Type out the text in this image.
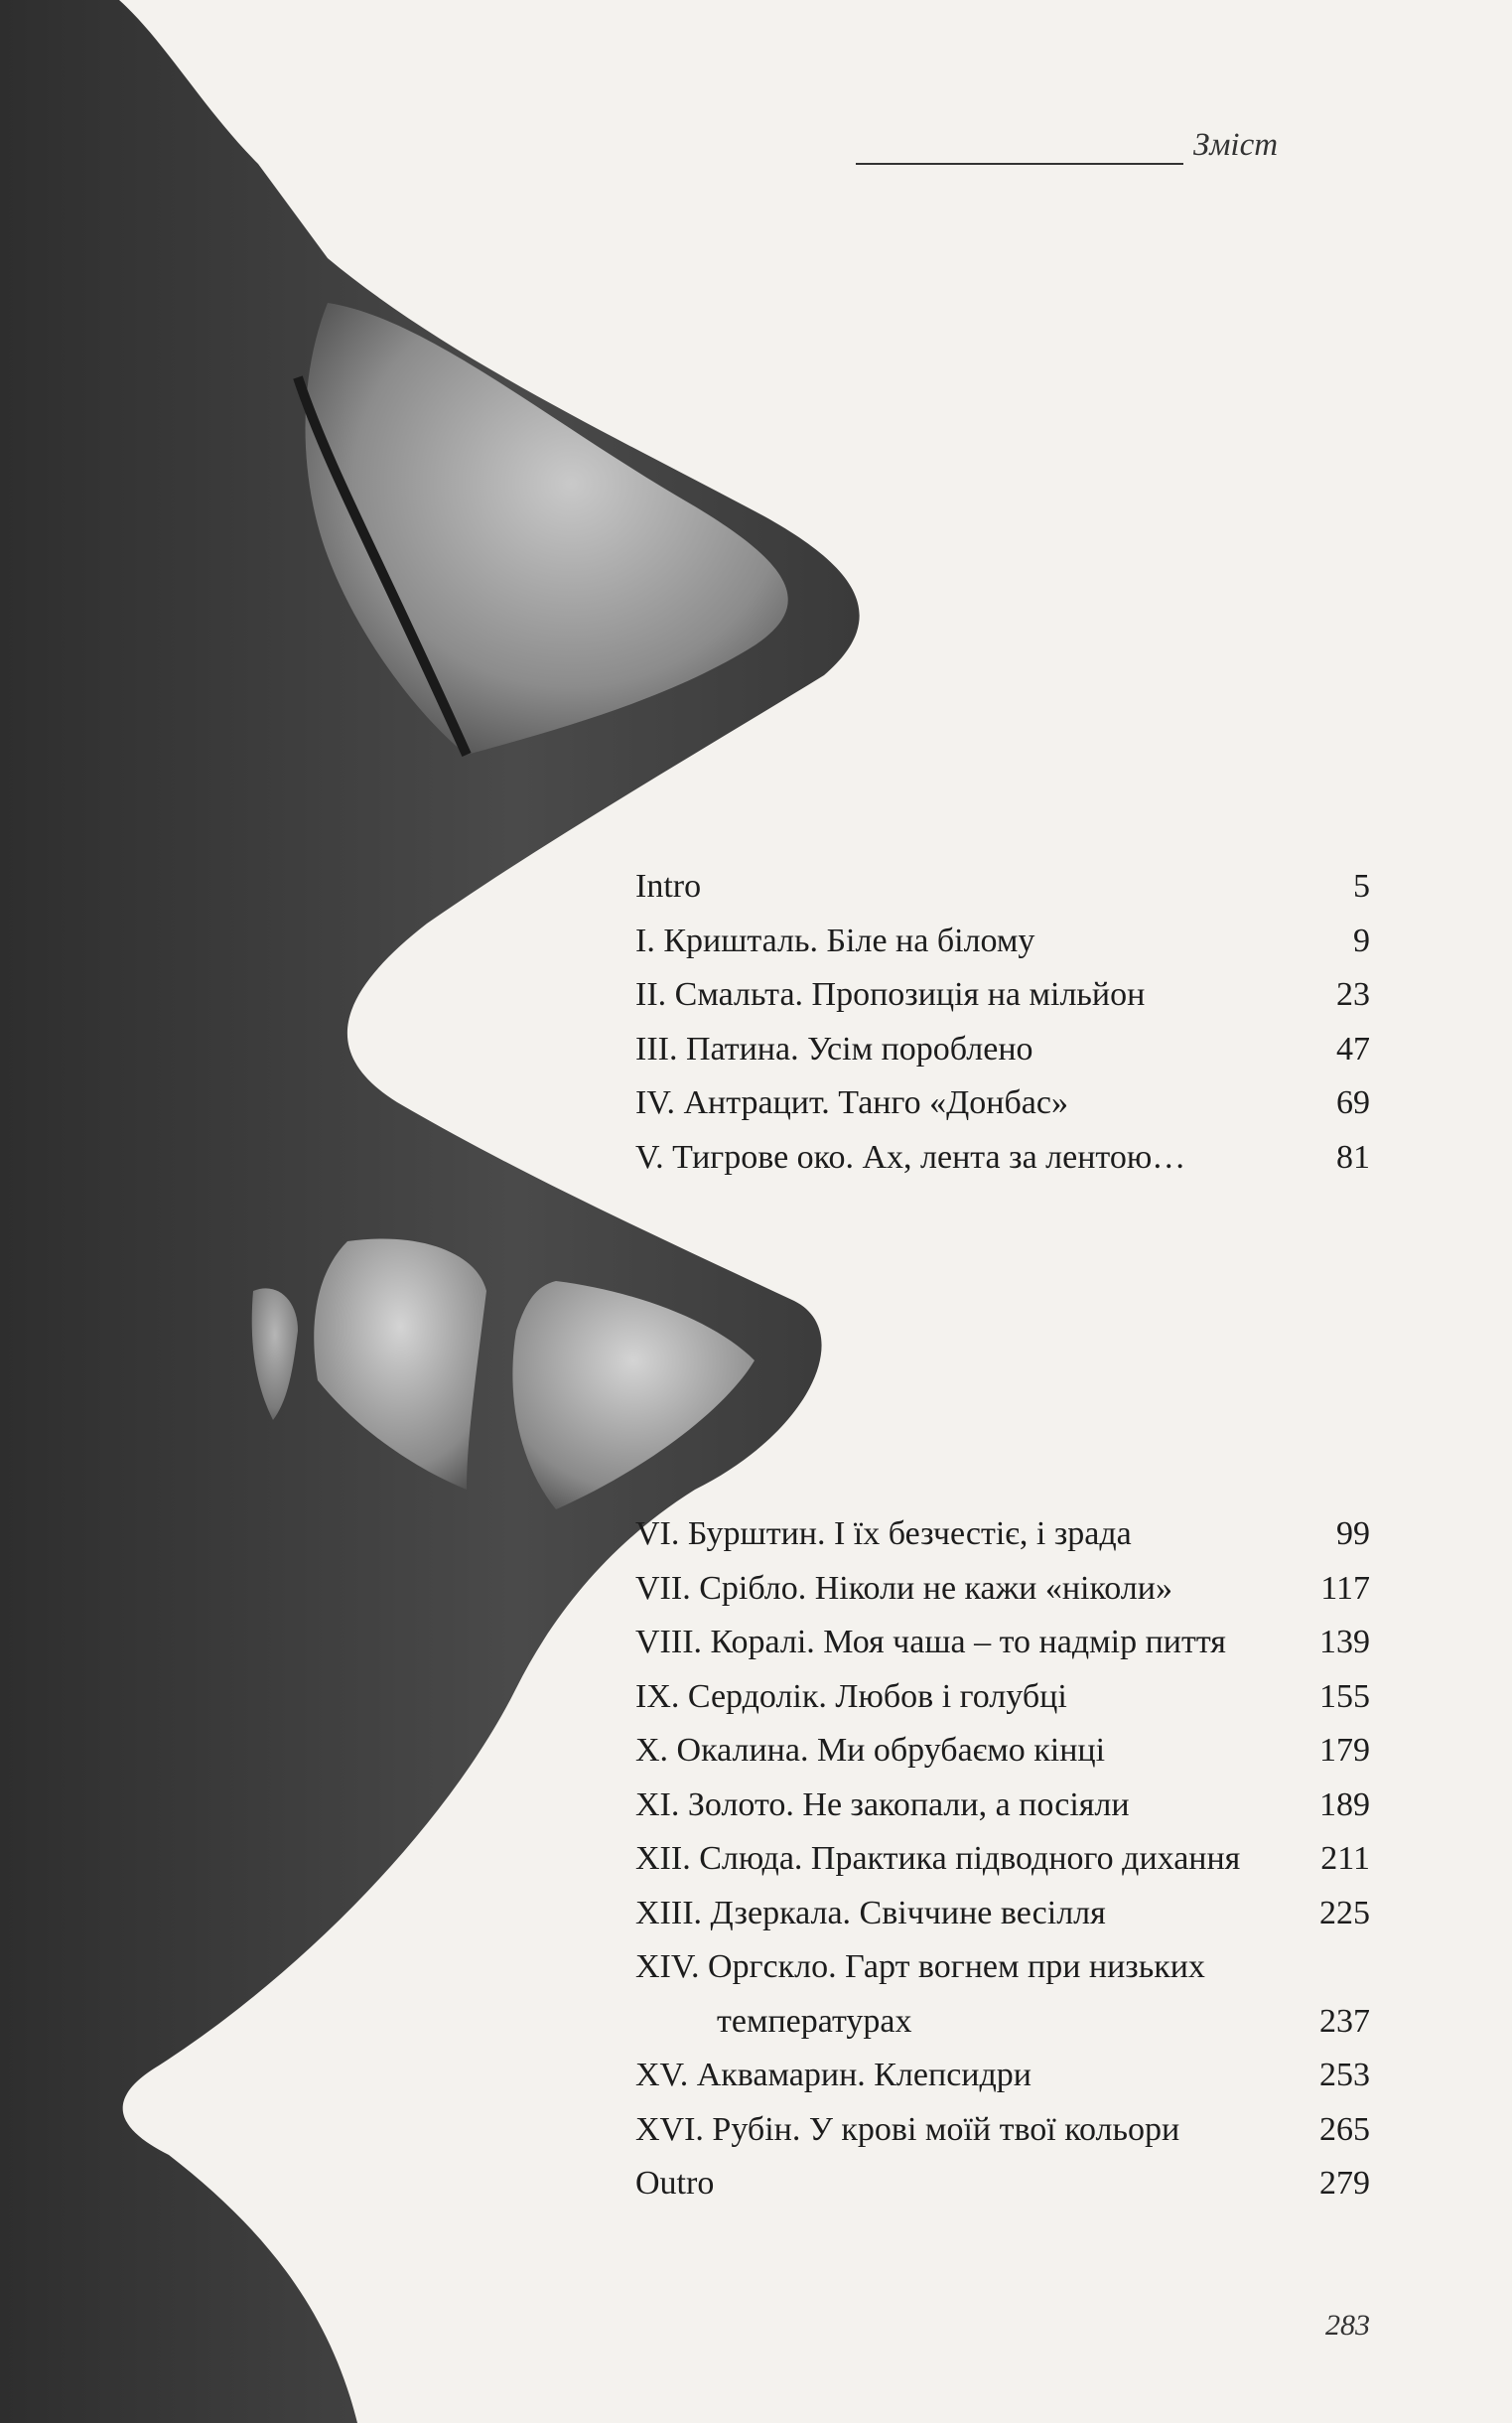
Зміст
Intro	5
I. Кришталь. Біле на білому	9
II. Смальта. Пропозиція на мільйон	23
III. Патина. Усім пороблено	47
IV. Антрацит. Танго «Донбас»	69
V. Тигрове око. Ах, лента за лентою…	81
VI. Бурштин. І їх безчестіє, і зрада	99
VII. Срібло. Ніколи не кажи «ніколи»	117
VIII. Коралі. Моя чаша – то надмір пиття	139
IX. Сердолік. Любов і голубці	155
X. Окалина. Ми обрубаємо кінці	179
XI. Золото. Не закопали, а посіяли	189
XII. Слюда. Практика підводного дихання	211
XIII. Дзеркала. Свіччине весілля	225
XIV. Оргскло. Гарт вогнем при низьких
температурах	237
XV. Аквамарин. Клепсидри	253
XVI. Рубін. У крові моїй твої кольори	265
Outro	279
283
